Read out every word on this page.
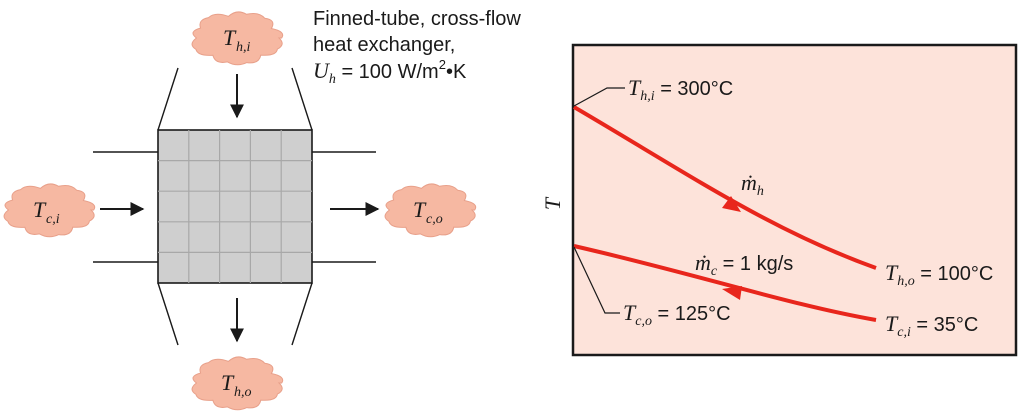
T h,i
T h,o
T c,i	T c,o
Finned-tube, cross-flow
heat exchanger,
Uh = 100 $W/m^2•K$
T
Th,i = 300°C
Th,o = 100°C
Tc,i = 35°C
Tc,o = 125°C
ṁh
ṁc = 1 kg/s
